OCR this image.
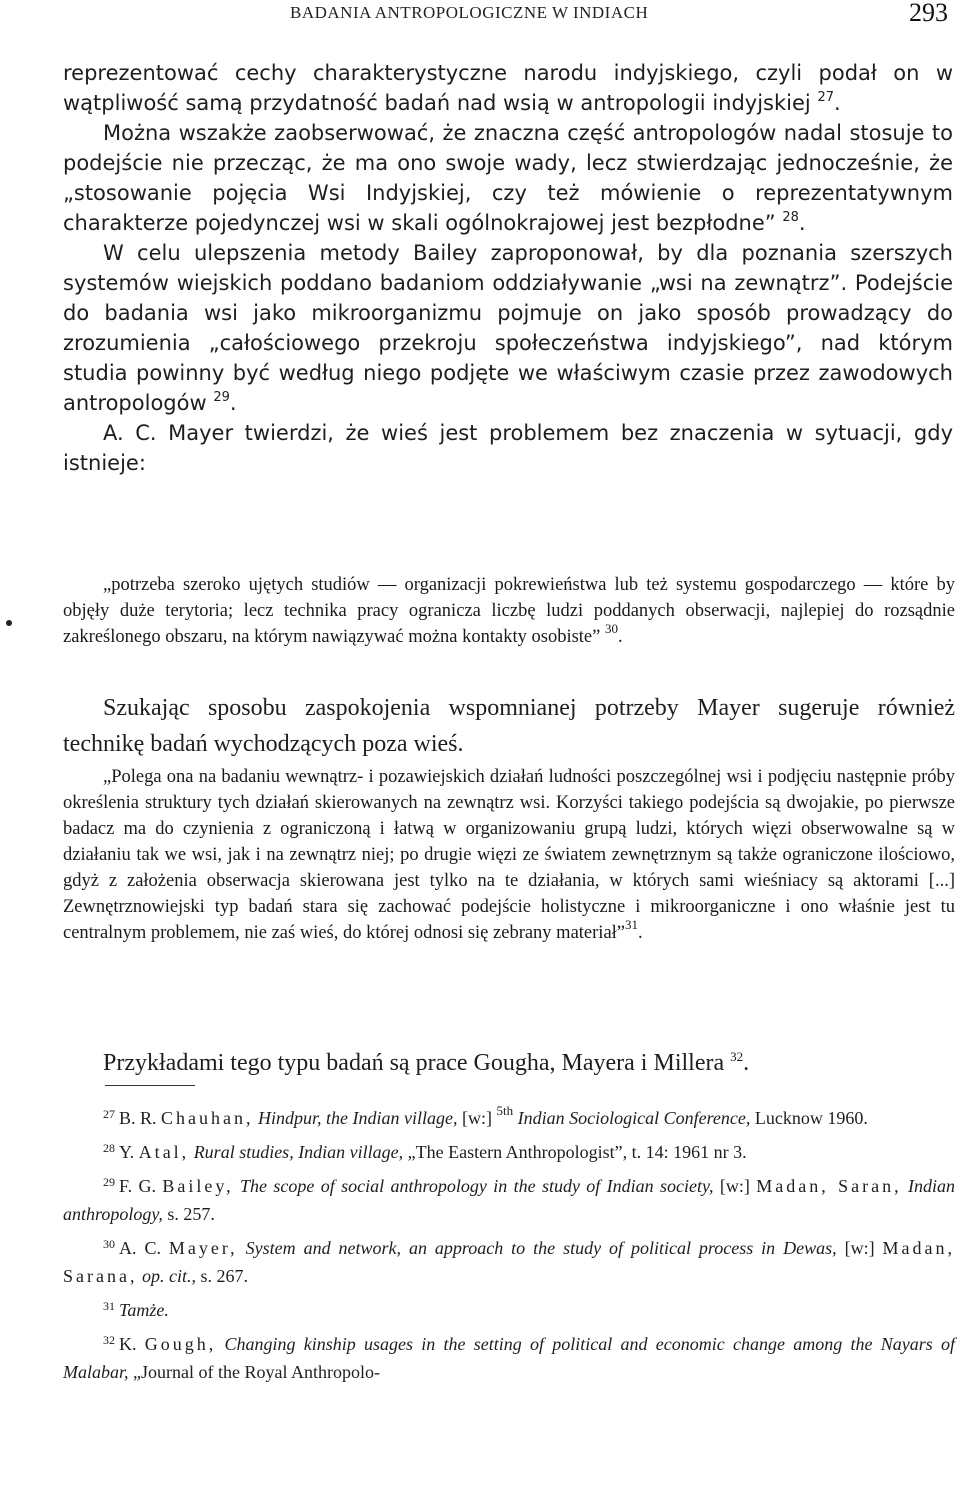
BADANIA ANTROPOLOGICZNE W INDIACH	293

reprezentować cechy charakterystyczne narodu indyjskiego, czyli podał on w wątpliwość samą przydatność badań nad wsią w antropologii indyjskiej $^{27}$.

Można wszakże zaobserwować, że znaczna część antropologów nadal stosuje to podejście nie przecząc, że ma ono swoje wady, lecz stwierdzając jednocześnie, że „stosowanie pojęcia Wsi Indyjskiej, czy też mówienie o reprezentatywnym charakterze pojedynczej wsi w skali ogólnokrajowej jest bezpłodne” $^{28}$.

W celu ulepszenia metody Bailey zaproponował, by dla poznania szerszych systemów wiejskich poddano badaniom oddziaływanie „wsi na zewnątrz”. Podejście do badania wsi jako mikroorganizmu pojmuje on jako sposób prowadzący do zrozumienia „całościowego przekroju społeczeństwa indyjskiego”, nad którym studia powinny być według niego podjęte we właściwym czasie przez zawodowych antropologów $^{29}$.

A. C. Mayer twierdzi, że wieś jest problemem bez znaczenia w sytuacji, gdy istnieje:

„potrzeba szeroko ujętych studiów — organizacji pokrewieństwa lub też systemu gospodarczego — które by objęły duże terytoria; lecz technika pracy ogranicza liczbę ludzi poddanych obserwacji, najlepiej do rozsądnie zakreślonego obszaru, na którym nawiązywać można kontakty osobiste” $^{30}$.

Szukając sposobu zaspokojenia wspomnianej potrzeby Mayer sugeruje również technikę badań wychodzących poza wieś.

„Polega ona na badaniu wewnątrz- i pozawiejskich działań ludności poszczególnej wsi i podjęciu następnie próby określenia struktury tych działań skierowanych na zewnątrz wsi. Korzyści takiego podejścia są dwojakie, po pierwsze badacz ma do czynienia z ograniczoną i łatwą w organizowaniu grupą ludzi, których więzi obserwowalne są w działaniu tak we wsi, jak i na zewnątrz niej; po drugie więzi ze światem zewnętrznym są także ograniczone ilościowo, gdyż z założenia obserwacja skierowana jest tylko na te działania, w których sami wieśniacy są aktorami [...] Zewnętrznowiejski typ badań stara się zachować podejście holistyczne i mikroorganiczne i ono właśnie jest tu centralnym problemem, nie zaś wieś, do której odnosi się zebrany materiał”$^{31}$.

Przykładami tego typu badań są prace Gougha, Mayera i Millera $^{32}$.

$^{27}$ B. R. Chauhan, Hindpur, the Indian village, [w:] $^{5th}$ Indian Sociological Conference, Lucknow 1960.

$^{28}$ Y. Atal, Rural studies, Indian village, „The Eastern Anthropologist”, t. 14: 1961 nr 3.

$^{29}$ F. G. Bailey, The scope of social anthropology in the study of Indian society, [w:] Madan, Saran, Indian anthropology, s. 257.

$^{30}$ A. C. Mayer, System and network, an approach to the study of political process in Dewas, [w:] Madan, Sarana, op. cit., s. 267.

$^{31}$ Tamże.

$^{32}$ K. Gough, Changing kinship usages in the setting of political and economic change among the Nayars of Malabar, „Journal of the Royal Anthropolo-
